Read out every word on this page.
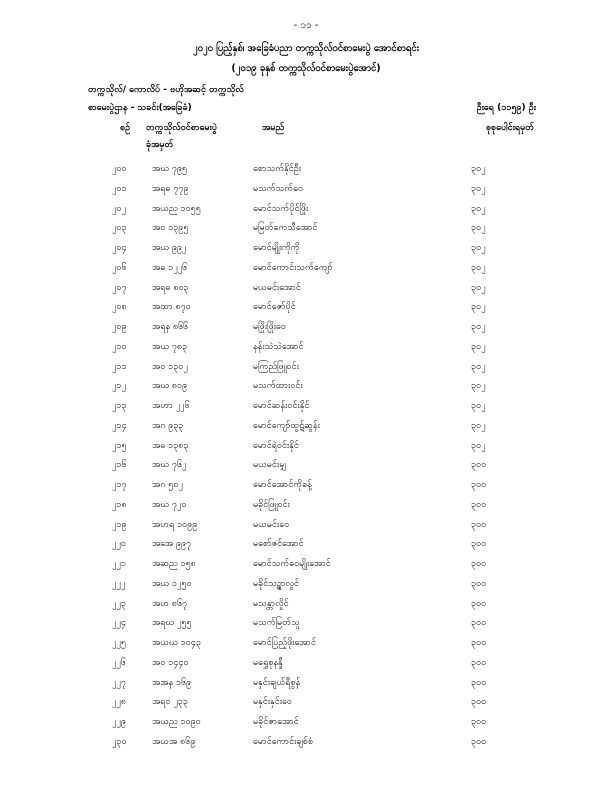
- ၁၁ -
၂၀၂၀ ပြည့်နှစ်၊ အခြေခံပညာ တက္ကသိုလ်ဝင်စာမေးပွဲ အောင်စာရင်း
(၂၀၁၉ ခုနှစ် တက္ကသိုလ်ဝင်စာမေးပွဲအောင်)
တက္ကသိုလ်/ ကောလိပ် - ဗဟိုအဆင့် တက္ကသိုလ်
စာမေးပွဲဌာန - သခင်း(အခြေခံ)	ဉီးရေ (၁၁၅၉) ဦး
စဉ် တက္ကသိုလ်ဝင်စာမေးပွဲ
ခုံအမှတ်
အမည်	စုစုပေါင်းရမှတ်
၂၀၀	အဃ ၇၉၅	စောသက်နိုင်ဦး	၃၀၂
၂၀၁	အရဓ ၇၇၉	မသက်သက်ဝေ	၃၀၂
၂၀၂	အယည ၁၀၅၅	မောင်သက်ပိုင်ဖြိုး	၃၀၂
၂၀၃	အဝ ၁၃၉၅	မမြတ်ကေသီအောင်	၃၀၂
၂၀၄	အဃ ၉၉၂	မောင်မျိုးကိုကို	၃၀၂
၂၀၆	အဓ ၁၂၂၆	မောင်ကောင်းသက်ကျော်	၃၀၂
၂၀၇	အရဓ ၈၀၃	မယမင်းအောင်	၃၀၂
၂၀၈	အထာ ၈၇၀	မောင်ဇော်ပိုင်	၃၀၂
၂၀၉	အရန ၈၆၆	မဖြိုးဖြိုးဝေ	၃၀၂
၂၁၀	အဃ ၇၈၃	နန်းသဲသဲအောင်	၃၀၂
၂၁၁	အဝ ၁၃၀၂	မကြည်ဖြူဝင်း	၃၀၂
၂၁၂	အဃ ၈၀၉	မသက်ထားဝင်း	၃၀၂
၂၁၃	အဟာ ၂၂၆	မောင်ဆန်းဝင်းနိုင်	၃၀၂
၂၁၄	အဂ ၉၃၃	မောင်ကျော်ထွဋ်ဆွန်း	၃၀၂
၂၁၅	အဓ ၁၃၈၃	မောင်ရဲဝင်းနိုင်	၃၀၂
၂၁၆	အဃ ၇၆၂	မယမင်းမျှ	၃၀၀
၂၁၇	အဂ ၅၀၂	မောင်အောင်ကိုခန့်	၃၀၀
၂၁၈	အဃ ၇၂၀	မခိုင်ဖြူဝင်း	၃၀၀
၂၁၉	အဟရ ၁၀၉၉	မယမင်းဝေ	၃၀၀
၂၂၀	အအေ ၉၉၇	မစော်ဇင်အောင်	၃၀၀
၂၂၁	အဆည ၁၅၈	မောင်သက်ဝေမျိုးအောင်	၃၀၀
၂၂၂	အဃ ၁၂၅၀	မခိုင်သဥ္ဇာလွင်	၃၀၀
၂၂၃	အဟ ၈၆၇	မသန္တာလှိုင်	၃၀၀
၂၂၄	အရဃ ၂၅၅	မသက်မြတ်သူ	၃၀၀
၂၂၅	အယဃ ၁၀၄၃	မောင်ပြည့်ဖိုးအောင်	၃၀၀
၂၂၆	အဝ ၁၄၄၀	မရွှေစုနန္ဒီ	၃၀၀
၂၂၇	အအန ၁၆၉	မနှင်းချယ်ရီစွန်	၃၀၀
၂၂၈	အရဝ ၂၃၃	မနှင်းနှင်းဝေ	၃၀၀
၂၂၉	အယည ၁၀၉၀	မခိုင်ဇာအောင်	၃၀၀
၂၃၀	အယအ ၈၆၉	မောင်ကောင်းချစ်စံ	၃၀၀
